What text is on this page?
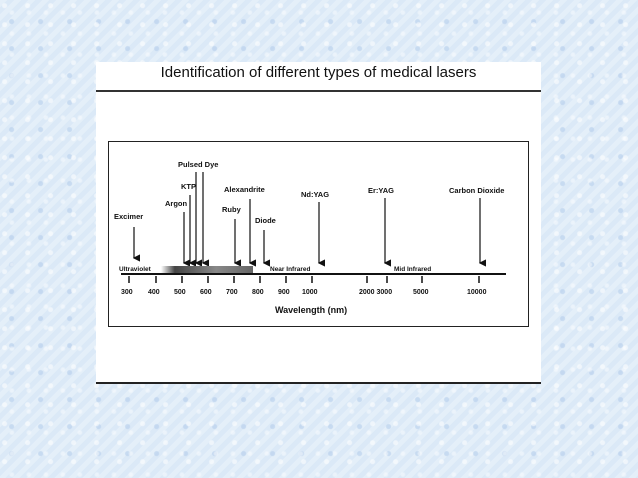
Identification of different types of medical lasers
Excimer
Argon
KTP
Pulsed Dye
Ruby
Alexandrite
Diode
Nd:YAG	Er:YAG	Carbon Dioxide
Ultraviolet	Near Infrared	Mid Infrared
300 400 500 600 700 800 900 1000	2000 3000	5000	10000
Wavelength (nm)
